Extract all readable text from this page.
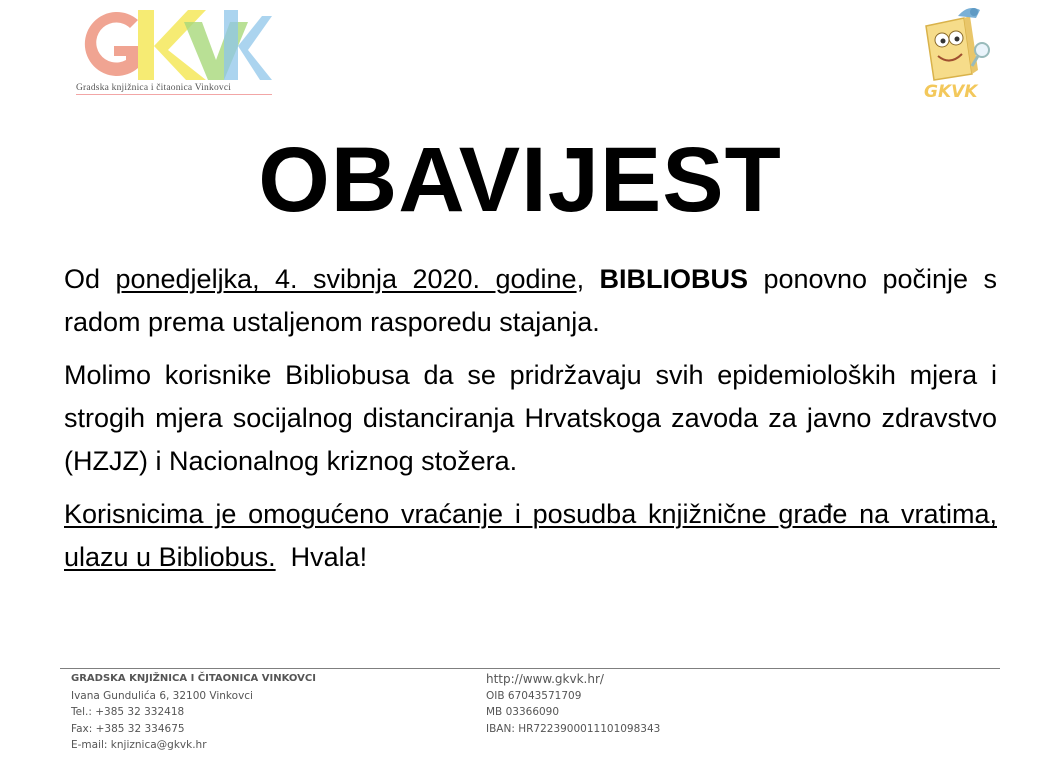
Gradska knjižnica i čitaonica Vinkovci	GKVK
OBAVIJEST

Od ponedjeljka, 4. svibnja 2020. godine, BIBLIOBUS ponovno počinje s radom prema ustaljenom rasporedu stajanja.

Molimo korisnike Bibliobusa da se pridržavaju svih epidemioloških mjera i strogih mjera socijalnog distanciranja Hrvatskoga zavoda za javno zdravstvo (HZJZ) i Nacionalnog kriznog stožera.

Korisnicima je omogućeno vraćanje i posudba knjižnične građe na vratima, ulazu u Bibliobus.  Hvala!

GRADSKA KNJIŽNICA I ČITAONICA VINKOVCI
Ivana Gundulića 6, 32100 Vinkovci
Tel.: +385 32 332418
Fax: +385 32 334675
E-mail: knjiznica@gkvk.hr
http://www.gkvk.hr/
OIB 67043571709
MB 03366090
IBAN: HR7223900011101098343
